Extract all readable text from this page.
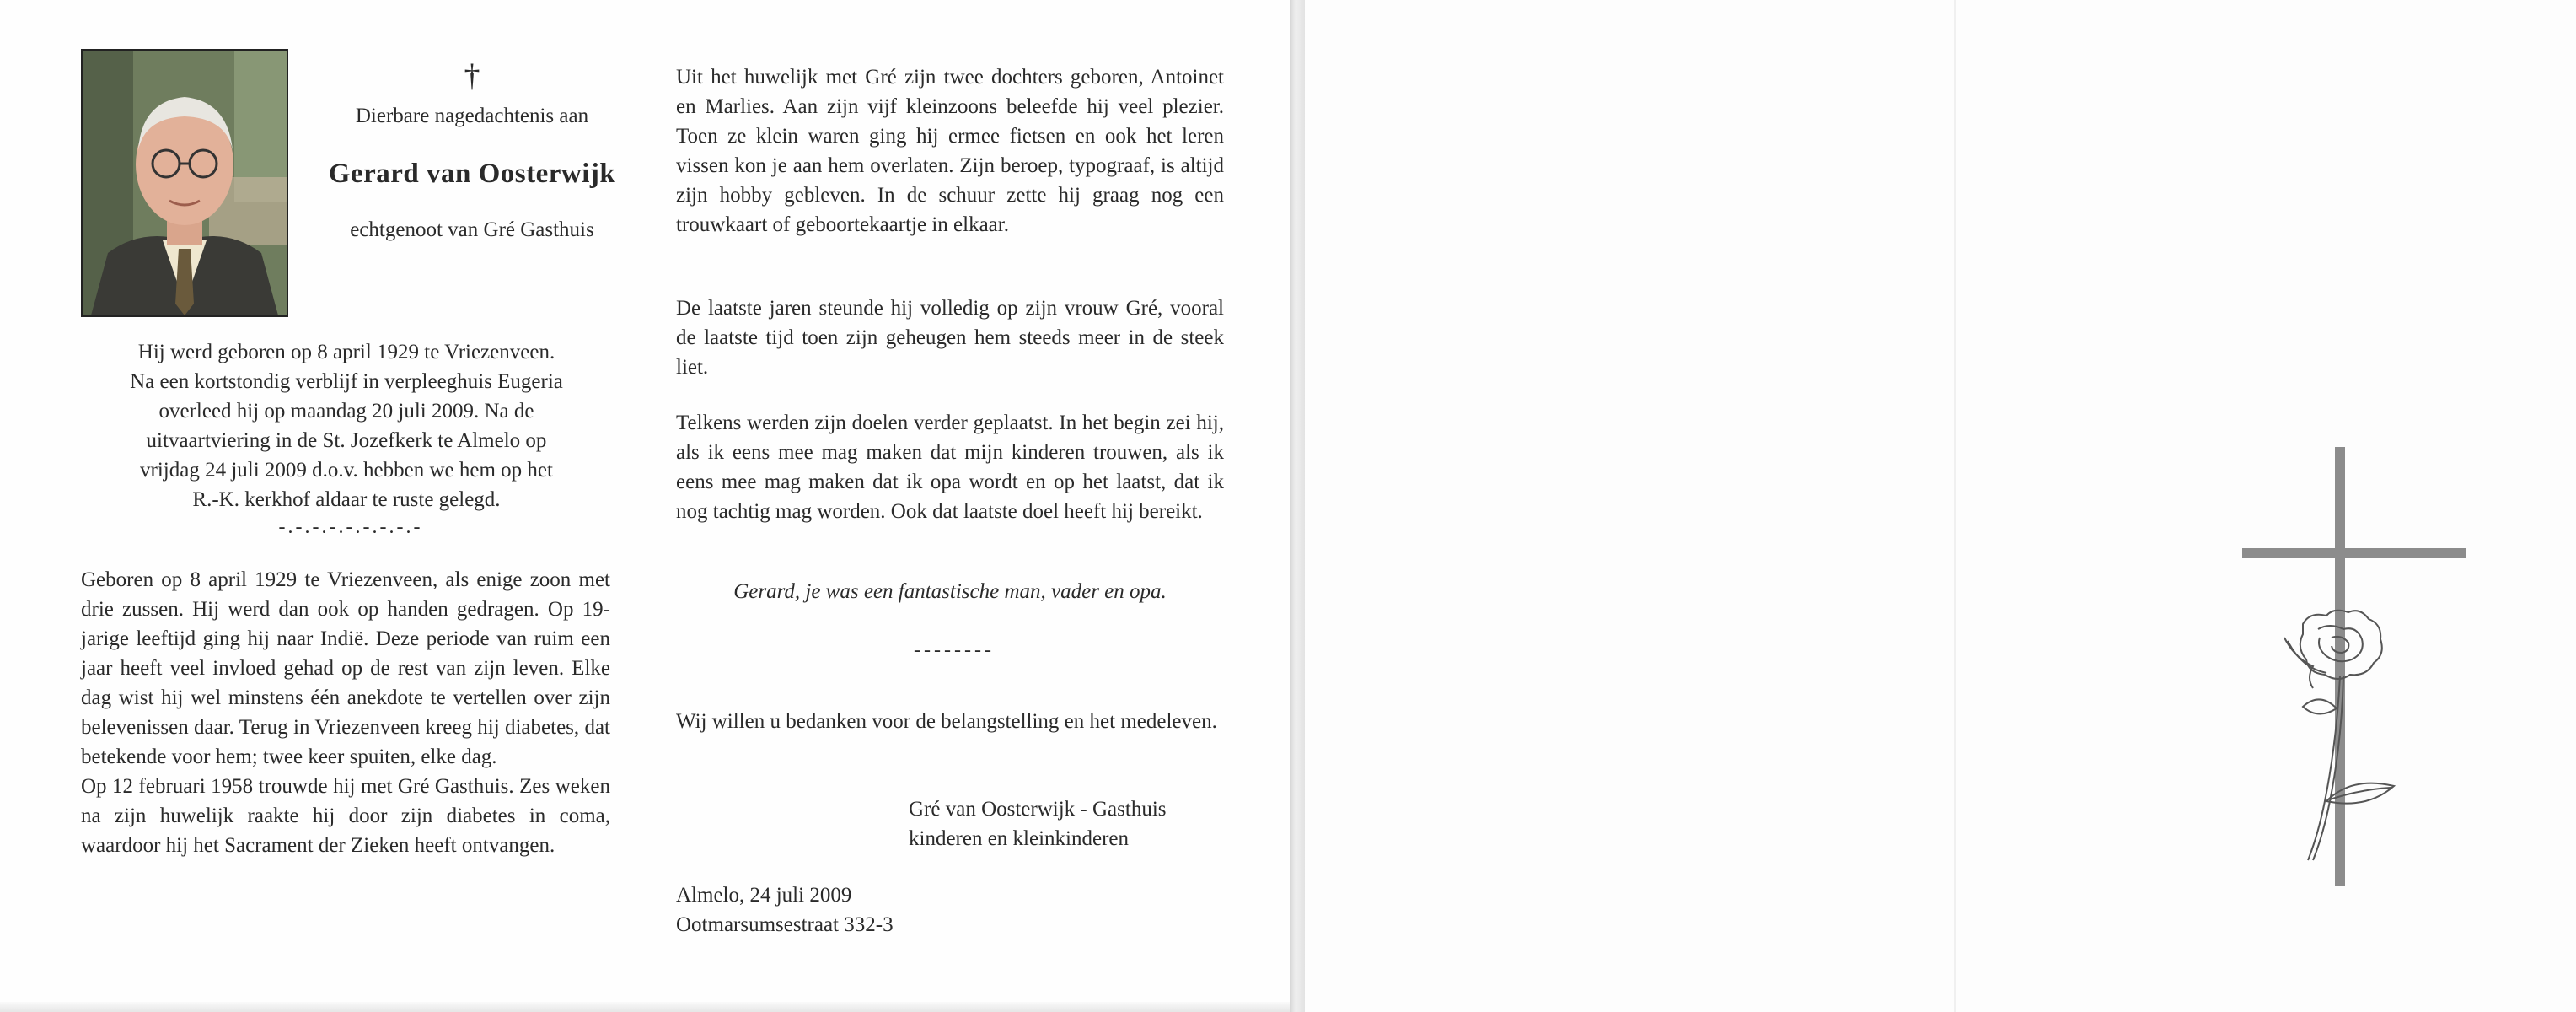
†
Dierbare nagedachtenis aan
Gerard van Oosterwijk
echtgenoot van Gré Gasthuis
Hij werd geboren op 8 april 1929 te Vriezenveen.
Na een kortstondig verblijf in verpleeghuis Eugeria
overleed hij op maandag 20 juli 2009. Na de
uitvaartviering in de St. Jozefkerk te Almelo op
vrijdag 24 juli 2009 d.o.v. hebben we hem op het
R.-K. kerkhof aldaar te ruste gelegd.
-.-.-.-.-.-.-.-.-

Geboren op 8 april 1929 te Vriezenveen, als enige zoon met drie zussen. Hij werd dan ook op handen gedragen. Op 19-jarige leeftijd ging hij naar Indië. Deze periode van ruim een jaar heeft veel invloed gehad op de rest van zijn leven. Elke dag wist hij wel minstens één anekdote te vertellen over zijn belevenissen daar. Terug in Vriezenveen kreeg hij diabetes, dat betekende voor hem; twee keer spuiten, elke dag.

Op 12 februari 1958 trouwde hij met Gré Gasthuis. Zes weken na zijn huwelijk raakte hij door zijn diabetes in coma, waardoor hij het Sacrament der Zieken heeft ontvangen.

Uit het huwelijk met Gré zijn twee dochters geboren, Antoinet en Marlies. Aan zijn vijf kleinzoons beleefde hij veel plezier. Toen ze klein waren ging hij ermee fietsen en ook het leren vissen kon je aan hem overlaten. Zijn beroep, typograaf, is altijd zijn hobby gebleven. In de schuur zette hij graag nog een trouwkaart of geboortekaartje in elkaar.

De laatste jaren steunde hij volledig op zijn vrouw Gré, vooral de laatste tijd toen zijn geheugen hem steeds meer in de steek liet.
Telkens werden zijn doelen verder geplaatst. In het begin zei hij, als ik eens mee mag maken dat mijn kinderen trouwen, als ik eens mee mag maken dat ik opa wordt en op het laatst, dat ik nog tachtig mag worden. Ook dat laatste doel heeft hij bereikt.
Gerard, je was een fantastische man, vader en opa.
--------
Wij willen u bedanken voor de belangstelling en het medeleven.
Gré van Oosterwijk - Gasthuis
kinderen en kleinkinderen
Almelo, 24 juli 2009
Ootmarsumsestraat 332-3
